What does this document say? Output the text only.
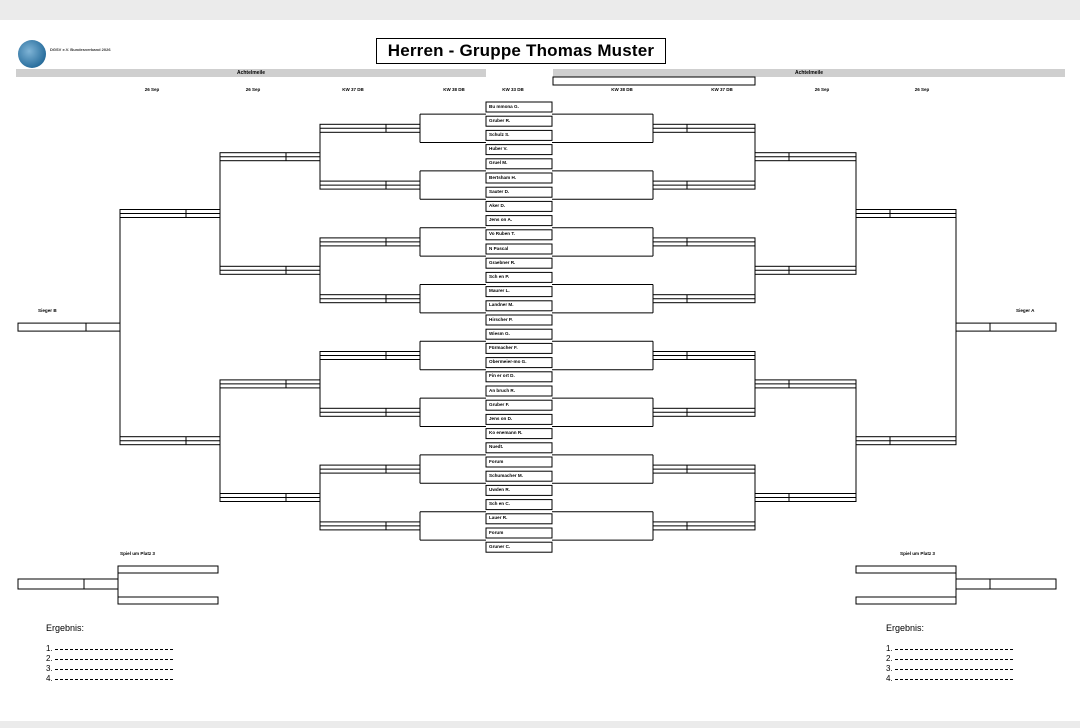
DGSV e.V. Bundesverband 2026	Herren - Gruppe Thomas Muster
Achtelmeile	Achtelmeile
26 Sep	26 Sep	KW 37 DB	KW 38 DB	KW 33 DB	KW 38 DB	KW 37 DB	26 Sep	26 Sep
Bu mmona G.
Gruber R.
Schulz S.
Huber V.
Gruel M.
Bertsham H.
Sauter D.
Aker D.
Jens on A.
Vo Ruben T.
N Pascal
Graebner R.
Sch en P.
Maurer L.
Landner M.
Hirscher P.
Wiesm G.
Fürmacher F.
Obermeier-mo G.
Fin er ort D.
An bruch R.
Gruber F.
Jens on D.
Ko enemann R.
Nuedt.
Forum
Schumacher M.
Uwden R.
Sch en C.
Lauer R.
Forum
Gruner C.
Sieger B	Sieger A
Spiel um Platz 3	Spiel um Platz 3
Ergebnis:	Ergebnis:
1.
2.
3.
4.
1.
2.
3.
4.
